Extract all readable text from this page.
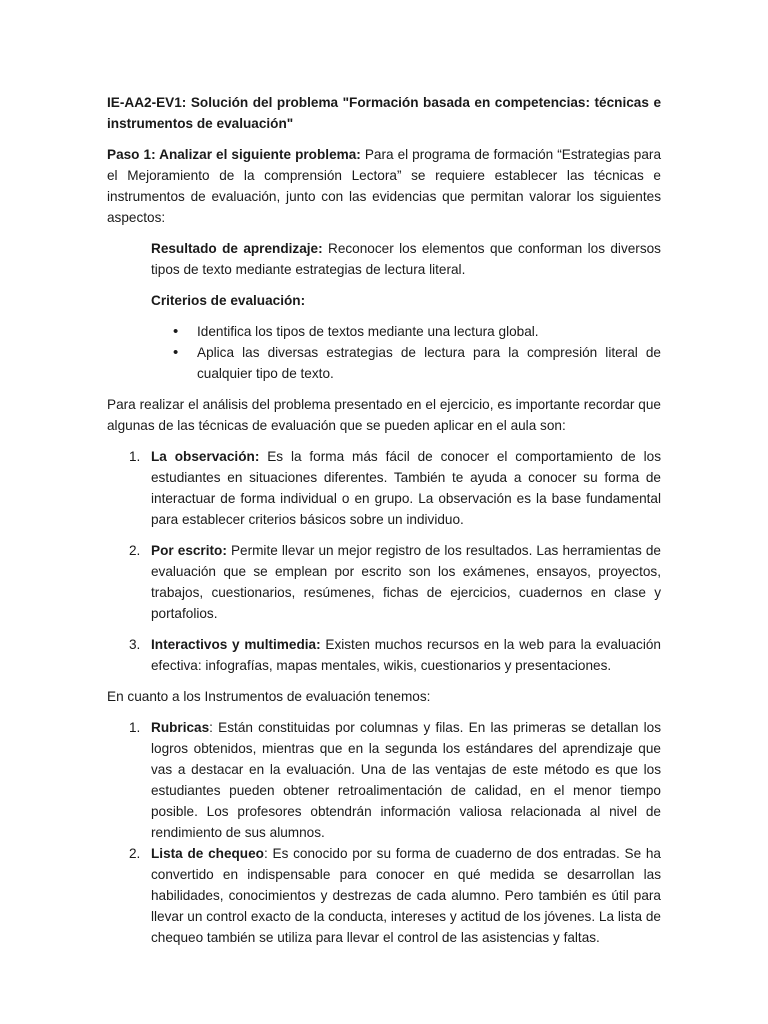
IE-AA2-EV1: Solución del problema "Formación basada en competencias: técnicas e instrumentos de evaluación"

Paso 1: Analizar el siguiente problema: Para el programa de formación “Estrategias para el Mejoramiento de la comprensión Lectora” se requiere establecer las técnicas e instrumentos de evaluación, junto con las evidencias que permitan valorar los siguientes aspectos:

Resultado de aprendizaje: Reconocer los elementos que conforman los diversos tipos de texto mediante estrategias de lectura literal.

Criterios de evaluación:

• Identifica los tipos de textos mediante una lectura global.
• Aplica las diversas estrategias de lectura para la compresión literal de cualquier tipo de texto.

Para realizar el análisis del problema presentado en el ejercicio, es importante recordar que algunas de las técnicas de evaluación que se pueden aplicar en el aula son:

1. La observación: Es la forma más fácil de conocer el comportamiento de los estudiantes en situaciones diferentes. También te ayuda a conocer su forma de interactuar de forma individual o en grupo. La observación es la base fundamental para establecer criterios básicos sobre un individuo.
2. Por escrito: Permite llevar un mejor registro de los resultados. Las herramientas de evaluación que se emplean por escrito son los exámenes, ensayos, proyectos, trabajos, cuestionarios, resúmenes, fichas de ejercicios, cuadernos en clase y portafolios.
3. Interactivos y multimedia: Existen muchos recursos en la web para la evaluación efectiva: infografías, mapas mentales, wikis, cuestionarios y presentaciones.

En cuanto a los Instrumentos de evaluación tenemos:

1. Rubricas: Están constituidas por columnas y filas. En las primeras se detallan los logros obtenidos, mientras que en la segunda los estándares del aprendizaje que vas a destacar en la evaluación. Una de las ventajas de este método es que los estudiantes pueden obtener retroalimentación de calidad, en el menor tiempo posible. Los profesores obtendrán información valiosa relacionada al nivel de rendimiento de sus alumnos.
2. Lista de chequeo: Es conocido por su forma de cuaderno de dos entradas. Se ha convertido en indispensable para conocer en qué medida se desarrollan las habilidades, conocimientos y destrezas de cada alumno. Pero también es útil para llevar un control exacto de la conducta, intereses y actitud de los jóvenes. La lista de chequeo también se utiliza para llevar el control de las asistencias y faltas.
